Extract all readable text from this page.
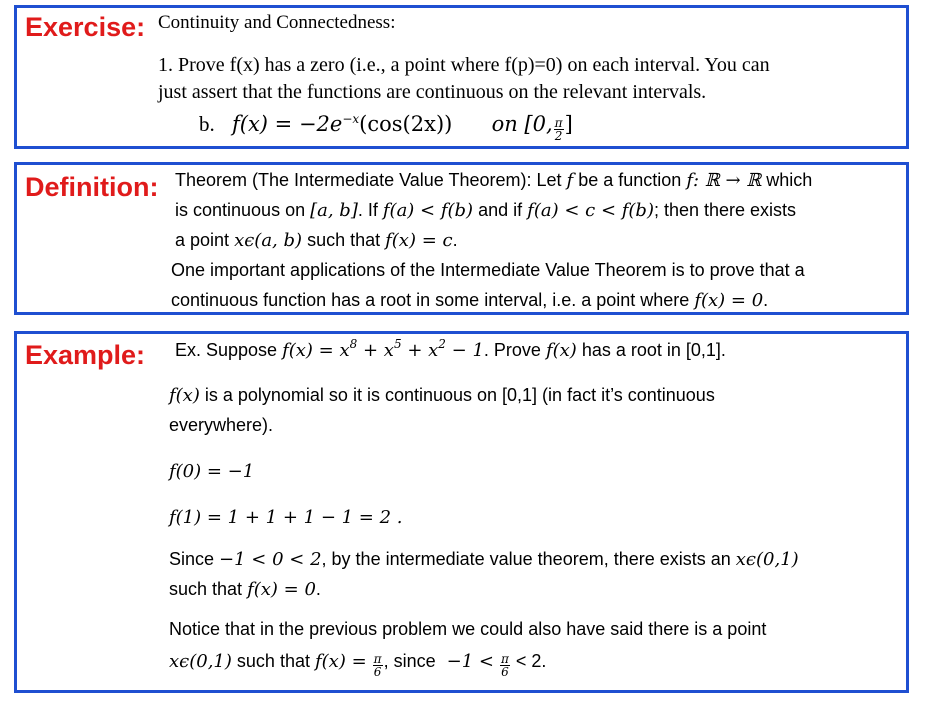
Exercise: Continuity and Connectedness:
1. Prove f(x) has a zero (i.e., a point where f(p)=0) on each interval. You can
just assert that the functions are continuous on the relevant intervals.
b. $f(x) = -2e^{-x}(\cos(2x))$ on [0, $\frac{\pi}{2}$ ]
Definition: Theorem (The Intermediate Value Theorem): Let f be a function f: ℝ → ℝ which
is continuous on [a, b]. If f(a) < f(b) and if f(a) < c < f(b); then there exists
a point xϵ(a, b) such that f(x) = c.
One important applications of the Intermediate Value Theorem is to prove that a
continuous function has a root in some interval, i.e. a point where f(x) = 0.
Example: Ex. Suppose $f(x) = x^8 + x^5 + x^2 - 1$. Prove f(x) has a root in [0,1].
f(x) is a polynomial so it is continuous on [0,1] (in fact it’s continuous
everywhere).
f(0) = −1
f(1) = 1 + 1 + 1 − 1 = 2 .
Since −1 < 0 < 2, by the intermediate value theorem, there exists an xϵ(0,1)
such that f(x) = 0.
Notice that in the previous problem we could also have said there is a point
xϵ(0,1) such that $f(x) = \frac{\pi}{6}$ , since $-1 < \frac{\pi}{6} < 2$.
